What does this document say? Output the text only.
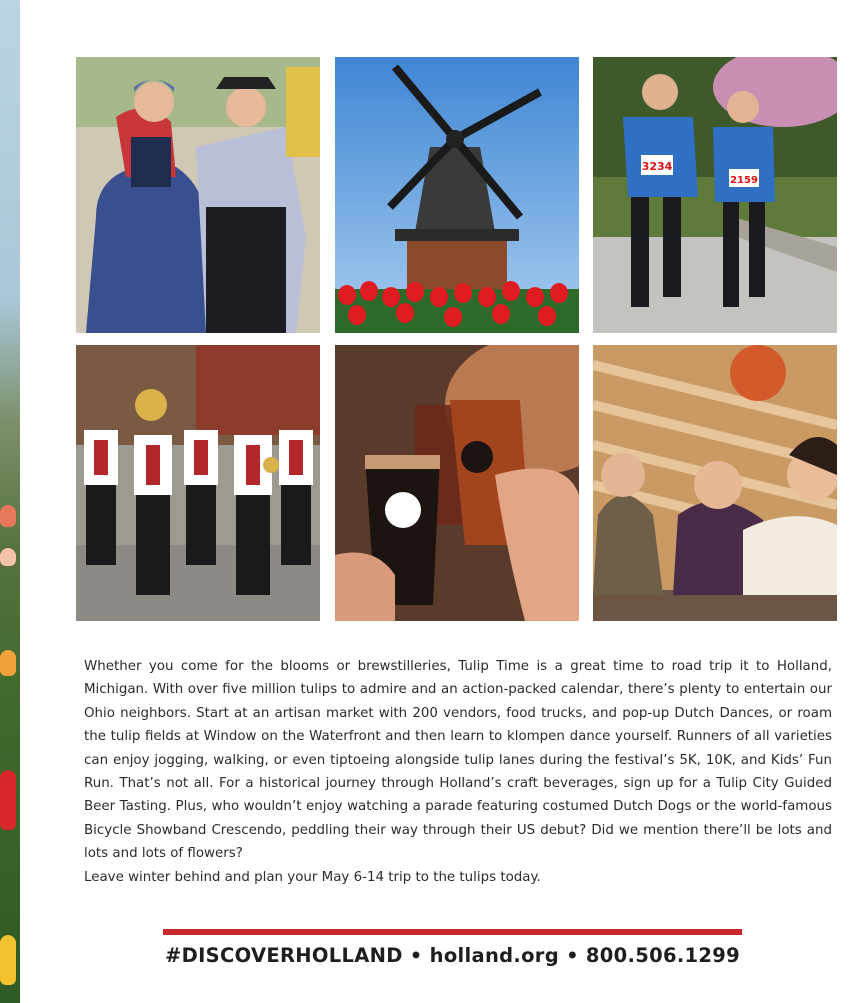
3234
2159

Whether you come for the blooms or brewstilleries, Tulip Time is a great time to road trip it to Holland, Michigan. With over five million tulips to admire and an action-packed calendar, there’s plenty to entertain our Ohio neighbors. Start at an artisan market with 200 vendors, food trucks, and pop-up Dutch Dances, or roam the tulip fields at Window on the Waterfront and then learn to klompen dance yourself. Runners of all varieties can enjoy jogging, walking, or even tiptoeing alongside tulip lanes during the festival’s 5K, 10K, and Kids’ Fun Run. That’s not all. For a historical journey through Holland’s craft beverages, sign up for a Tulip City Guided Beer Tasting. Plus, who wouldn’t enjoy watching a parade featuring costumed Dutch Dogs or the world-famous Bicycle Showband Crescendo, peddling their way through their US debut? Did we mention there’ll be lots and lots and lots of flowers?
Leave winter behind and plan your May 6-14 trip to the tulips today.

#DISCOVERHOLLAND • holland.org • 800.506.1299
